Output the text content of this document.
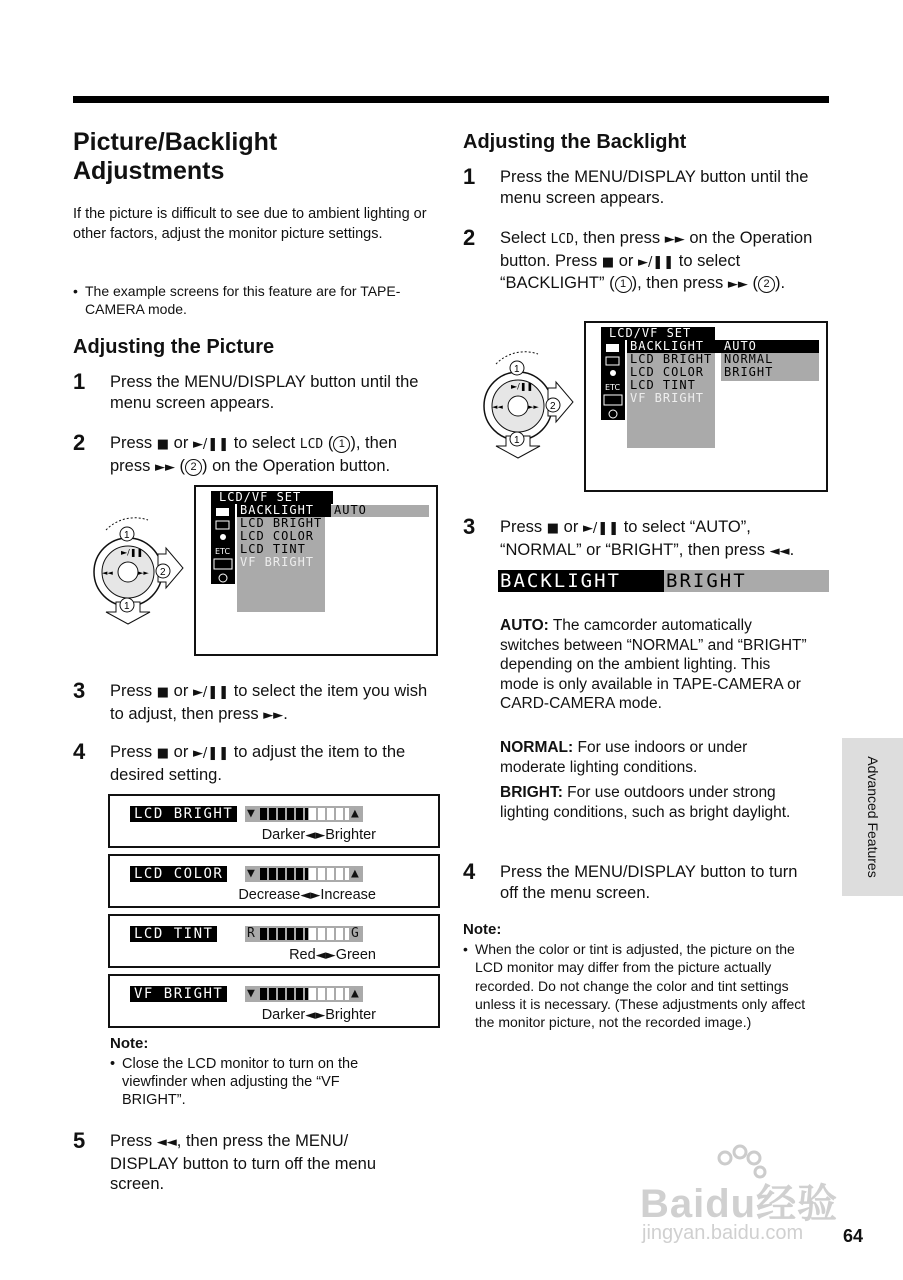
Picture/Backlight Adjustments

If the picture is difficult to see due to ambient lighting or other factors, adjust the monitor picture settings.

• The example screens for this feature are for TAPE-CAMERA mode.
Adjusting the Picture
1 Press the MENU/DISPLAY button until the menu screen appears.
2 Press ■ or ►/❚❚ to select LCD ( 1 ), then press ►► ( 2 ) on the Operation button.
►/❚❚
◄◄	►►
1
2
1
LCD/VF SET
BACKLIGHT
LCD BRIGHT
LCD COLOR
LCD TINT
VF BRIGHT
AUTO
ETC
LCD
3 Press ■ or ►/❚❚ to select the item you wish to adjust, then press ►►.
4 Press ■ or ►/❚❚ to adjust the item to the desired setting.
LCD BRIGHT	▼	▲
Darker◄►Brighter
LCD COLOR	▼	▲
Decrease◄►Increase
LCD TINT	R	G
Red◄►Green
VF BRIGHT	▼	▲
Darker◄►Brighter

Note:

• Close the LCD monitor to turn on the viewfinder when adjusting the “VF BRIGHT”.
5 Press ◄◄, then press the MENU/ DISPLAY button to turn off the menu screen.
Adjusting the Backlight
1 Press the MENU/DISPLAY button until the menu screen appears.
2 Select LCD, then press ►► on the Operation button. Press ■ or ►/❚❚ to select “BACKLIGHT” ( 1 ), then press ►► ( 2 ).
►/❚❚
◄◄	►►
1
2
1
LCD/VF SET
BACKLIGHT
LCD BRIGHT
LCD COLOR
LCD TINT
VF BRIGHT
AUTO
NORMAL
BRIGHT
ETC
LCD
3 Press ■ or ►/❚❚ to select “AUTO”, “NORMAL” or “BRIGHT”, then press ◄◄.
BACKLIGHT	BRIGHT
AUTO: The camcorder automatically switches between “NORMAL” and “BRIGHT” depending on the ambient lighting. This mode is only available in TAPE-CAMERA or CARD-CAMERA mode.
NORMAL: For use indoors or under moderate lighting conditions.
BRIGHT: For use outdoors under strong lighting conditions, such as bright daylight.
4 Press the MENU/DISPLAY button to turn off the menu screen.

Note:

• When the color or tint is adjusted, the picture on the LCD monitor may differ from the picture actually recorded. Do not change the color and tint settings unless it is necessary. (These adjustments only affect the monitor picture, not the recorded image.)
Advanced Features
Baidu经验
jingyan.baidu.com 64
